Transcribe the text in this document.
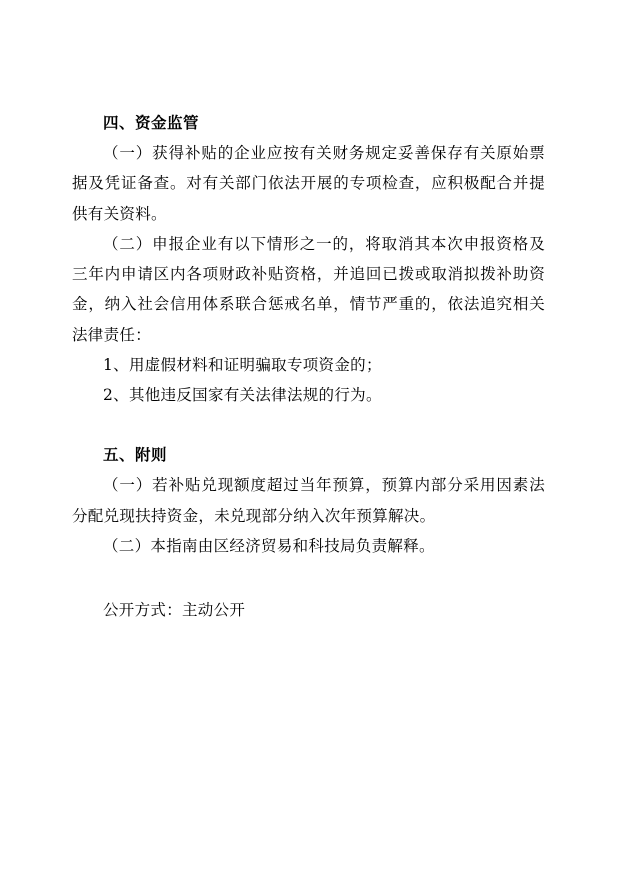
四、资金监管

（一）获得补贴的企业应按有关财务规定妥善保存有关原始票据及凭证备查。对有关部门依法开展的专项检查，应积极配合并提供有关资料。

（二）申报企业有以下情形之一的，将取消其本次申报资格及三年内申请区内各项财政补贴资格，并追回已拨或取消拟拨补助资金，纳入社会信用体系联合惩戒名单，情节严重的，依法追究相关法律责任：

1、用虚假材料和证明骗取专项资金的；

2、其他违反国家有关法律法规的行为。

五、附则

（一）若补贴兑现额度超过当年预算，预算内部分采用因素法分配兑现扶持资金，未兑现部分纳入次年预算解决。

（二）本指南由区经济贸易和科技局负责解释。

公开方式：主动公开
